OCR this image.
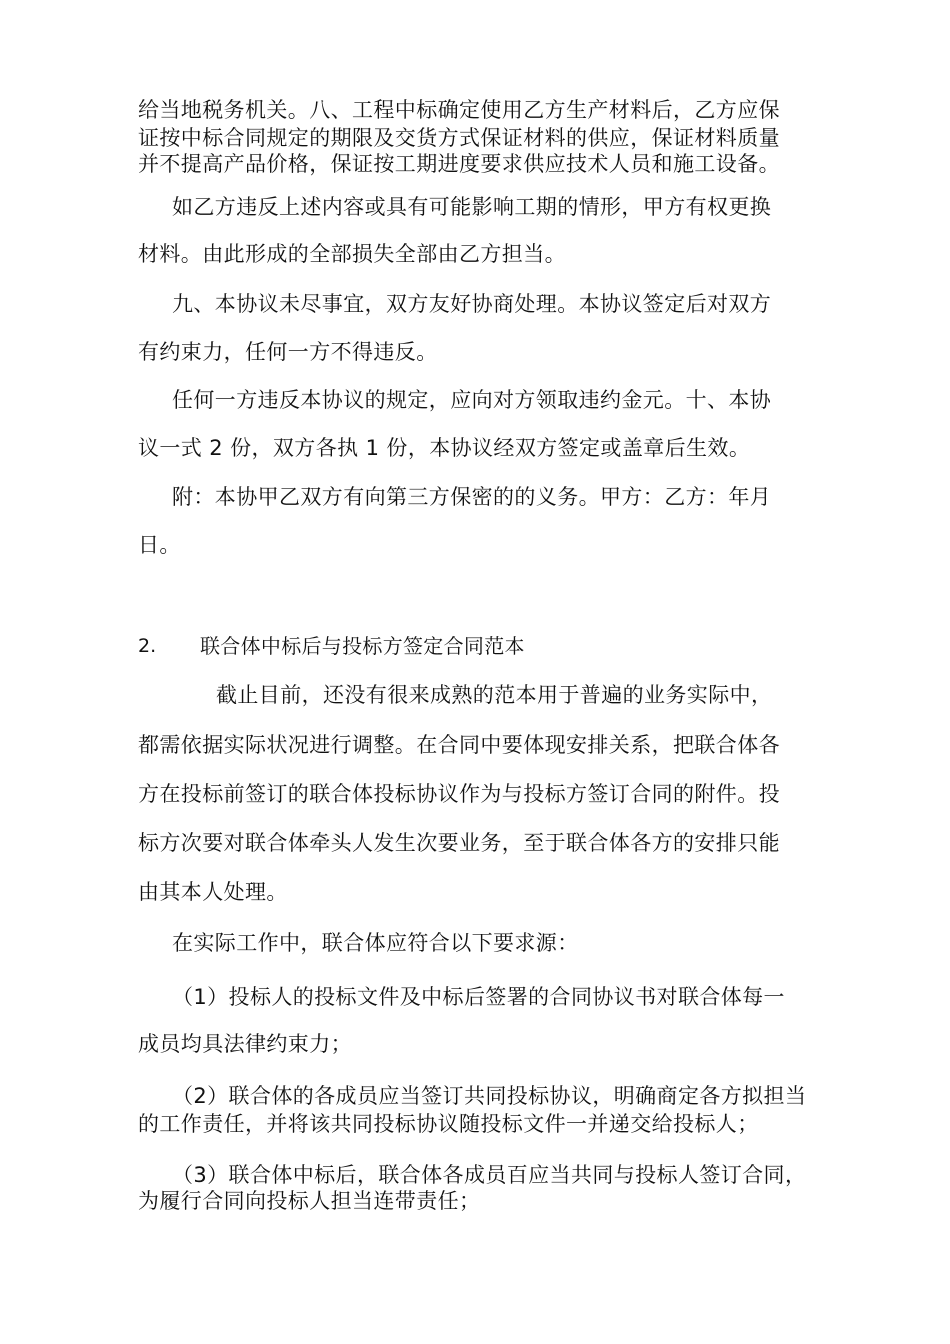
给当地税务机关。八、工程中标确定使用乙方生产材料后，乙方应保
证按中标合同规定的期限及交货方式保证材料的供应，保证材料质量
并不提高产品价格，保证按工期进度要求供应技术人员和施工设备。
如乙方违反上述内容或具有可能影响工期的情形，甲方有权更换
材料。由此形成的全部损失全部由乙方担当。
九、本协议未尽事宜，双方友好协商处理。本协议签定后对双方
有约束力，任何一方不得违反。
任何一方违反本协议的规定，应向对方领取违约金元。十、本协
议一式 2 份，双方各执 1 份，本协议经双方签定或盖章后生效。
附：本协甲乙双方有向第三方保密的的义务。甲方：乙方：年月
日。
2. 联合体中标后与投标方签定合同范本
截止目前，还没有很来成熟的范本用于普遍的业务实际中，
都需依据实际状况进行调整。在合同中要体现安排关系，把联合体各
方在投标前签订的联合体投标协议作为与投标方签订合同的附件。投
标方次要对联合体牵头人发生次要业务，至于联合体各方的安排只能
由其本人处理。
在实际工作中，联合体应符合以下要求源：
（1）投标人的投标文件及中标后签署的合同协议书对联合体每一
成员均具法律约束力；
（2）联合体的各成员应当签订共同投标协议，明确商定各方拟担当
的工作责任，并将该共同投标协议随投标文件一并递交给投标人；
（3）联合体中标后，联合体各成员百应当共同与投标人签订合同，
为履行合同向投标人担当连带责任；
